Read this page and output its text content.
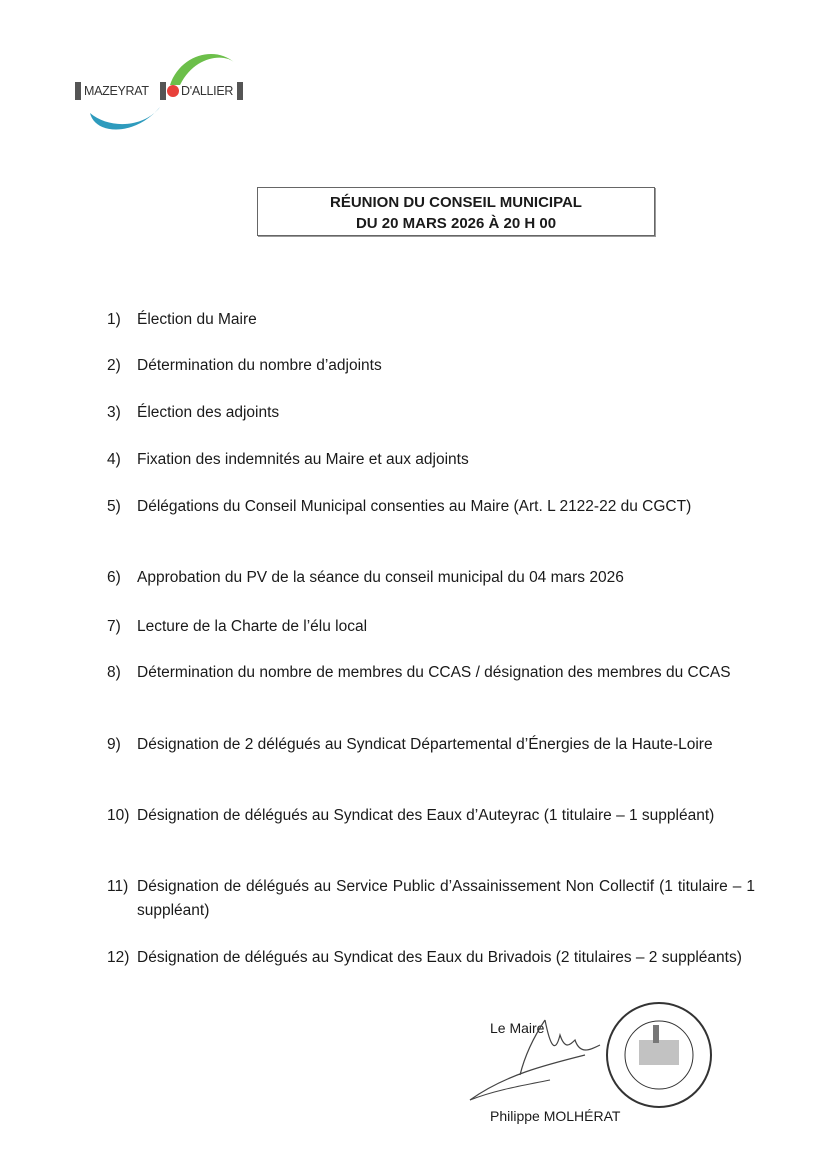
MAZEYRAT	D'ALLIER
RÉUNION DU CONSEIL MUNICIPAL
DU 20 MARS 2026 À 20 H 00
1) Élection du Maire
2) Détermination du nombre d’adjoints
3) Élection des adjoints
4) Fixation des indemnités au Maire et aux adjoints
5) Délégations du Conseil Municipal consenties au Maire (Art. L 2122-22 du CGCT)
6) Approbation du PV de la séance du conseil municipal du 04 mars 2026
7) Lecture de la Charte de l’élu local
8) Détermination du nombre de membres du CCAS / désignation des membres du CCAS
9) Désignation de 2 délégués au Syndicat Départemental d’Énergies de la Haute-Loire
10) Désignation de délégués au Syndicat des Eaux d’Auteyrac (1 titulaire – 1 suppléant)
11) Désignation de délégués au Service Public d’Assainissement Non Collectif (1 titulaire – 1 suppléant)
12) Désignation de délégués au Syndicat des Eaux du Brivadois (2 titulaires – 2 suppléants)
Le Maire
Philippe MOLHÉRAT
